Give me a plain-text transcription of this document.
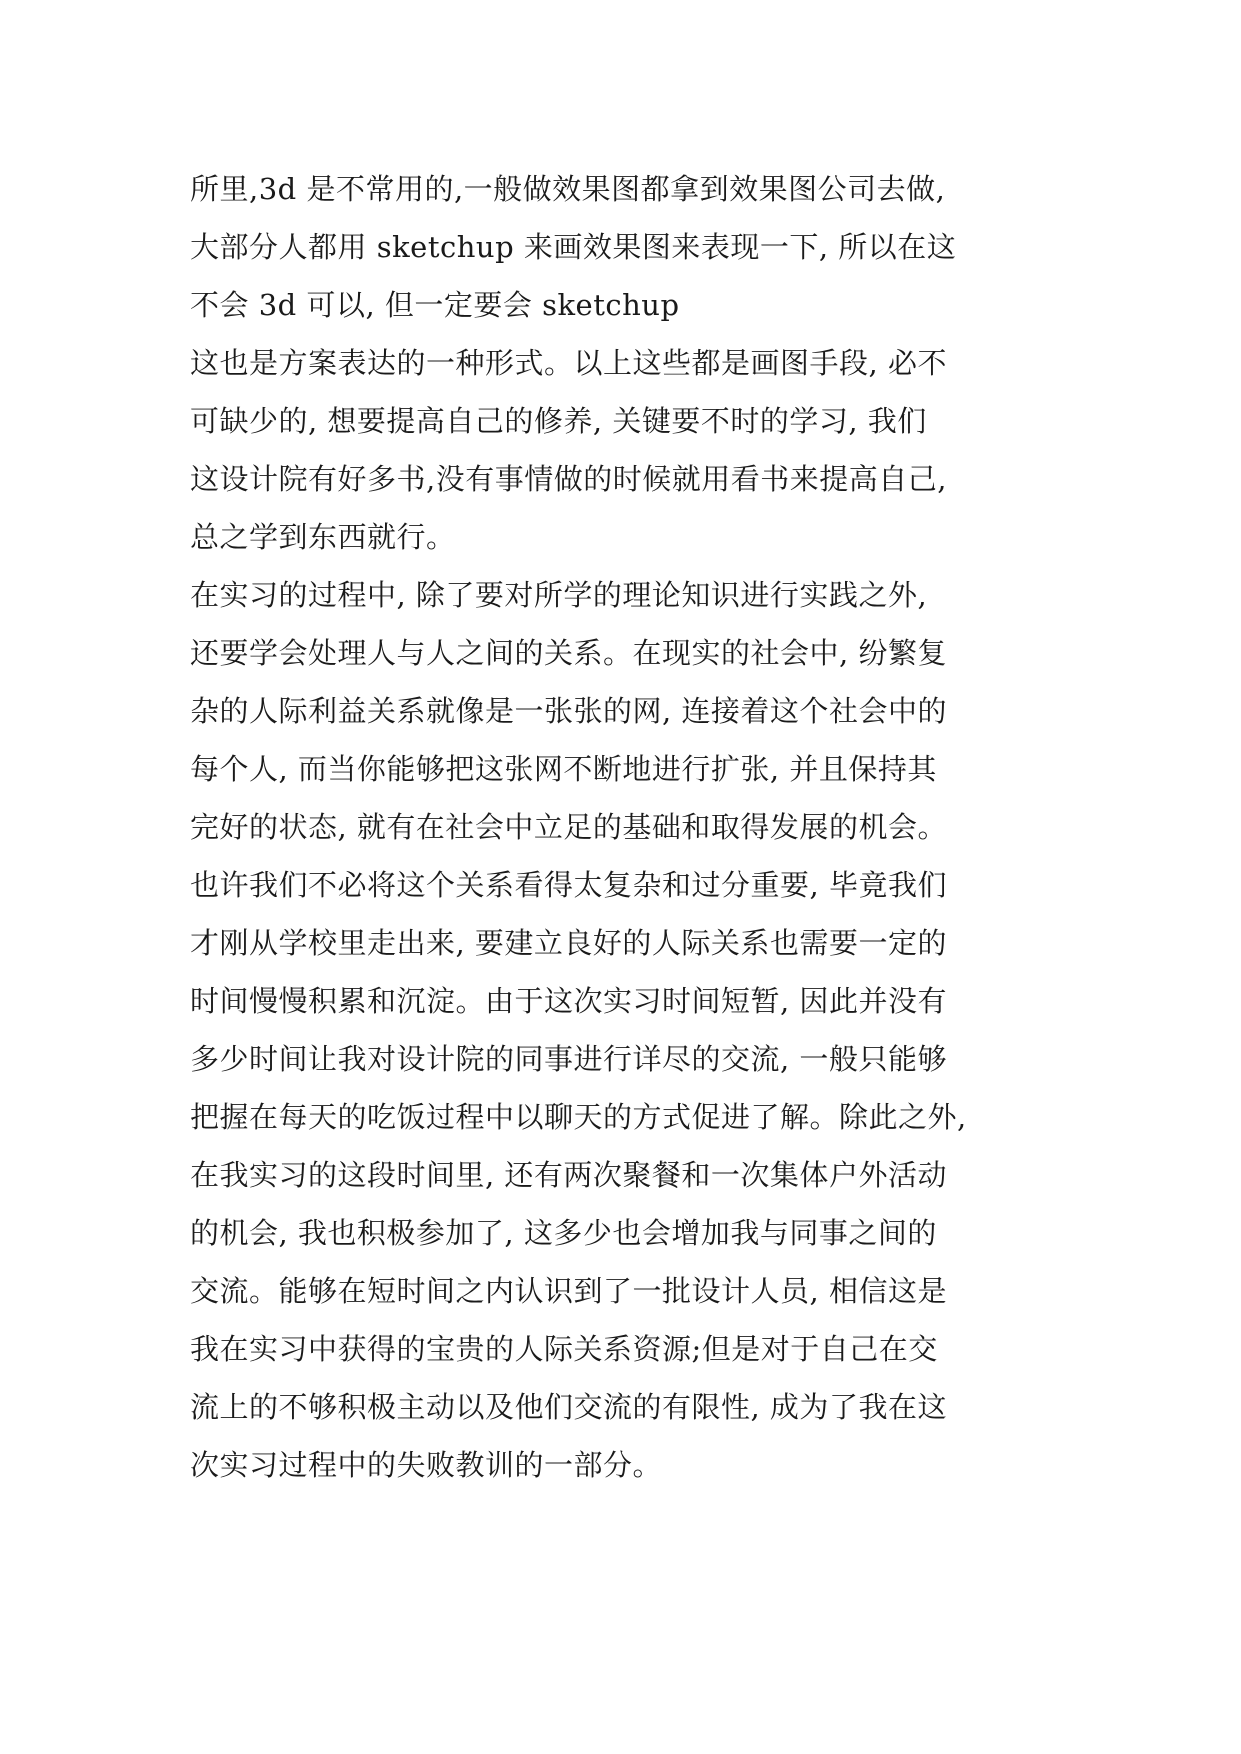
所里,3d 是不常用的,一般做效果图都拿到效果图公司去做,
大部分人都用 sketchup 来画效果图来表现一下, 所以在这
不会 3d 可以, 但一定要会 sketchup
这也是方案表达的一种形式。以上这些都是画图手段, 必不
可缺少的, 想要提高自己的修养, 关键要不时的学习, 我们
这设计院有好多书,没有事情做的时候就用看书来提高自己,
总之学到东西就行。
在实习的过程中, 除了要对所学的理论知识进行实践之外,
还要学会处理人与人之间的关系。在现实的社会中, 纷繁复
杂的人际利益关系就像是一张张的网, 连接着这个社会中的
每个人, 而当你能够把这张网不断地进行扩张, 并且保持其
完好的状态, 就有在社会中立足的基础和取得发展的机会。
也许我们不必将这个关系看得太复杂和过分重要, 毕竟我们
才刚从学校里走出来, 要建立良好的人际关系也需要一定的
时间慢慢积累和沉淀。由于这次实习时间短暂, 因此并没有
多少时间让我对设计院的同事进行详尽的交流, 一般只能够
把握在每天的吃饭过程中以聊天的方式促进了解。除此之外,
在我实习的这段时间里, 还有两次聚餐和一次集体户外活动
的机会, 我也积极参加了, 这多少也会增加我与同事之间的
交流。能够在短时间之内认识到了一批设计人员, 相信这是
我在实习中获得的宝贵的人际关系资源;但是对于自己在交
流上的不够积极主动以及他们交流的有限性, 成为了我在这
次实习过程中的失败教训的一部分。
